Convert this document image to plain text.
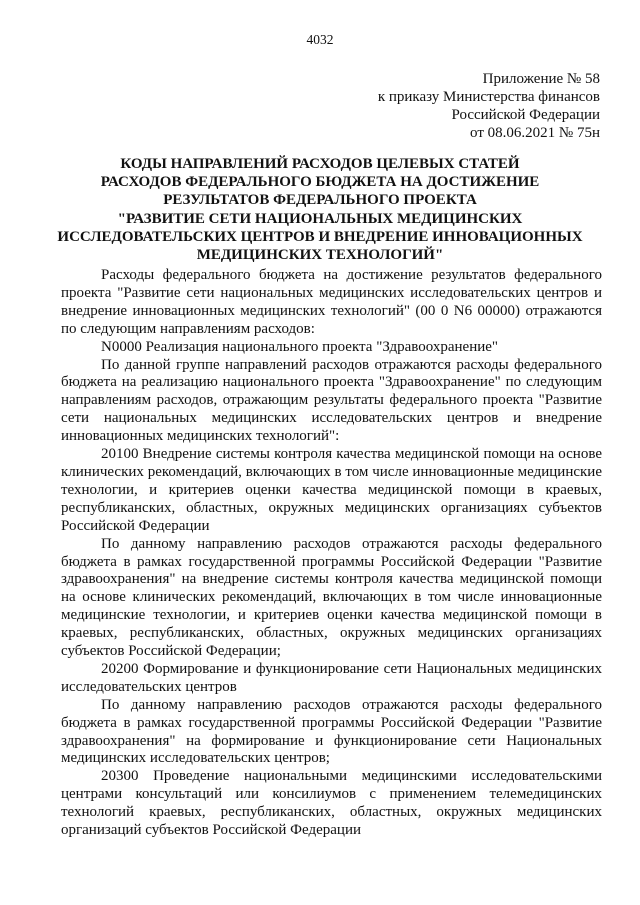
4032
Приложение № 58
к приказу Министерства финансов
Российской Федерации
от 08.06.2021 № 75н
КОДЫ НАПРАВЛЕНИЙ РАСХОДОВ ЦЕЛЕВЫХ СТАТЕЙ
РАСХОДОВ ФЕДЕРАЛЬНОГО БЮДЖЕТА НА ДОСТИЖЕНИЕ
РЕЗУЛЬТАТОВ ФЕДЕРАЛЬНОГО ПРОЕКТА
"РАЗВИТИЕ СЕТИ НАЦИОНАЛЬНЫХ МЕДИЦИНСКИХ
ИССЛЕДОВАТЕЛЬСКИХ ЦЕНТРОВ И ВНЕДРЕНИЕ ИННОВАЦИОННЫХ
МЕДИЦИНСКИХ ТЕХНОЛОГИЙ"

Расходы федерального бюджета на достижение результатов федерального проекта "Развитие сети национальных медицинских исследовательских центров и внедрение инновационных медицинских технологий" (00 0 N6 00000) отражаются по следующим направлениям расходов:

N0000 Реализация национального проекта "Здравоохранение"

По данной группе направлений расходов отражаются расходы федерального бюджета на реализацию национального проекта "Здравоохранение" по следующим направлениям расходов, отражающим результаты федерального проекта "Развитие сети национальных медицинских исследовательских центров и внедрение инновационных медицинских технологий":

20100 Внедрение системы контроля качества медицинской помощи на основе клинических рекомендаций, включающих в том числе инновационные медицинские технологии, и критериев оценки качества медицинской помощи в краевых, республиканских, областных, окружных медицинских организациях субъектов Российской Федерации

По данному направлению расходов отражаются расходы федерального бюджета в рамках государственной программы Российской Федерации "Развитие здравоохранения" на внедрение системы контроля качества медицинской помощи на основе клинических рекомендаций, включающих в том числе инновационные медицинские технологии, и критериев оценки качества медицинской помощи в краевых, республиканских, областных, окружных медицинских организациях субъектов Российской Федерации;

20200 Формирование и функционирование сети Национальных медицинских исследовательских центров

По данному направлению расходов отражаются расходы федерального бюджета в рамках государственной программы Российской Федерации "Развитие здравоохранения" на формирование и функционирование сети Национальных медицинских исследовательских центров;

20300 Проведение национальными медицинскими исследовательскими центрами консультаций или консилиумов с применением телемедицинских технологий краевых, республиканских, областных, окружных медицинских организаций субъектов Российской Федерации
